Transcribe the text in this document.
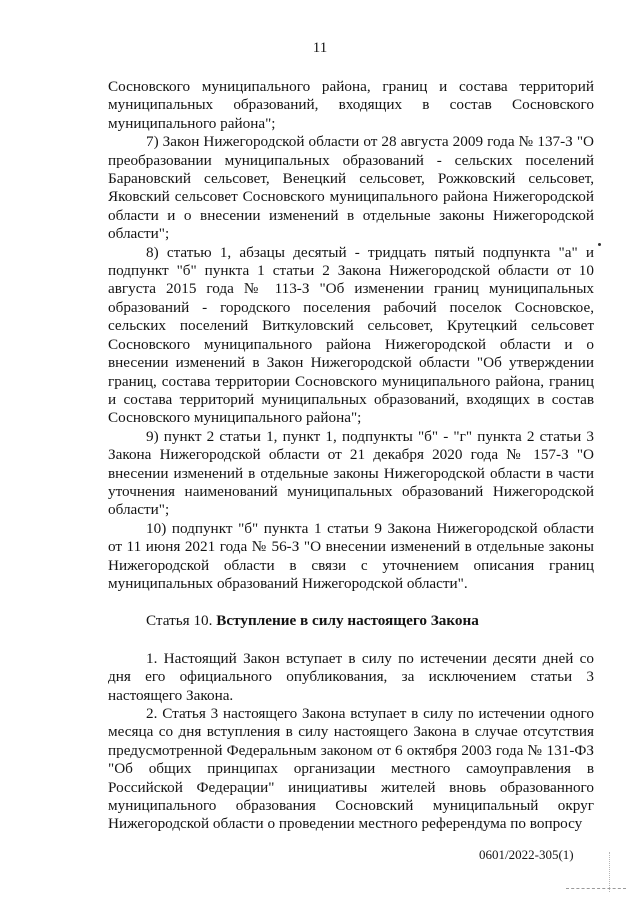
11

Сосновского муниципального района, границ и состава территорий муниципальных образований, входящих в состав Сосновского муниципального района";

7) Закон Нижегородской области от 28 августа 2009 года № 137-З "О преобразовании муниципальных образований - сельских поселений Барановский сельсовет, Венецкий сельсовет, Рожковский сельсовет, Яковский сельсовет Сосновского муниципального района Нижегородской области и о внесении изменений в отдельные законы Нижегородской области";

8) статью 1, абзацы десятый - тридцать пятый подпункта "а" и подпункт "б" пункта 1 статьи 2 Закона Нижегородской области от 10 августа 2015 года № 113-З "Об изменении границ муниципальных образований - городского поселения рабочий поселок Сосновское, сельских поселений Виткуловский сельсовет, Крутецкий сельсовет Сосновского муниципального района Нижегородской области и о внесении изменений в Закон Нижегородской области "Об утверждении границ, состава территории Сосновского муниципального района, границ и состава территорий муниципальных образований, входящих в состав Сосновского муниципального района";

9) пункт 2 статьи 1, пункт 1, подпункты "б" - "г" пункта 2 статьи 3 Закона Нижегородской области от 21 декабря 2020 года № 157-З "О внесении изменений в отдельные законы Нижегородской области в части уточнения наименований муниципальных образований Нижегородской области";

10) подпункт "б" пункта 1 статьи 9 Закона Нижегородской области от 11 июня 2021 года № 56-З "О внесении изменений в отдельные законы Нижегородской области в связи с уточнением описания границ муниципальных образований Нижегородской области".

Статья 10. Вступление в силу настоящего Закона

1. Настоящий Закон вступает в силу по истечении десяти дней со дня его официального опубликования, за исключением статьи 3 настоящего Закона.

2. Статья 3 настоящего Закона вступает в силу по истечении одного месяца со дня вступления в силу настоящего Закона в случае отсутствия предусмотренной Федеральным законом от 6 октября 2003 года № 131-ФЗ "Об общих принципах организации местного самоуправления в Российской Федерации" инициативы жителей вновь образованного муниципального образования Сосновский муниципальный округ Нижегородской области о проведении местного референдума по вопросу

0601/2022-305(1)
